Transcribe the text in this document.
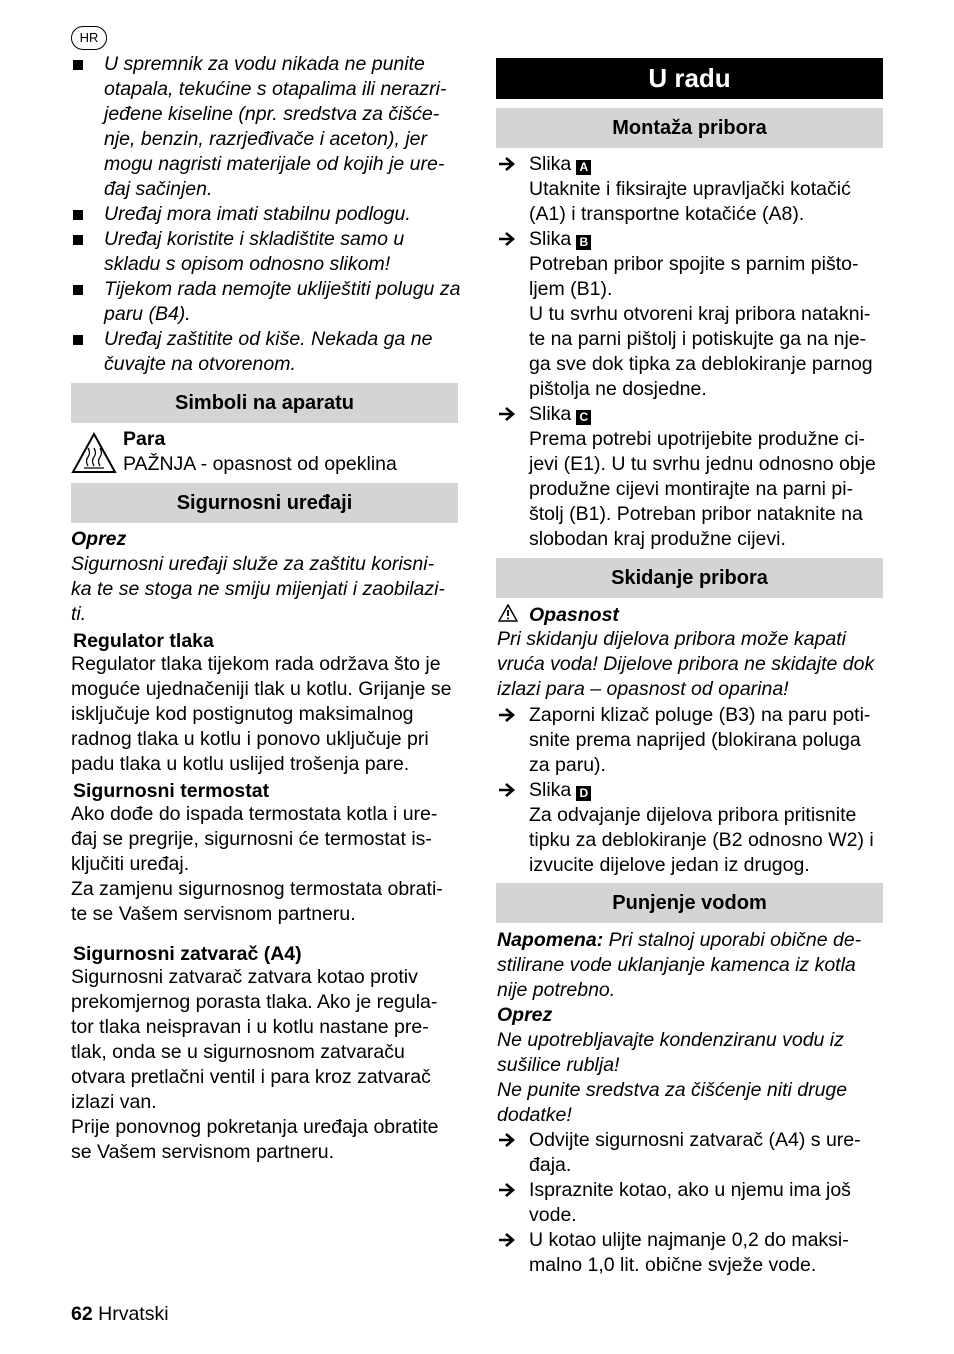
HR
U spremnik za vodu nikada ne punite otapala, tekućine s otapalima ili nerazri- jeđene kiseline (npr. sredstva za čišće- nje, benzin, razrjeđivače i aceton), jer mogu nagristi materijale od kojih je ure- đaj sačinjen.
Uređaj mora imati stabilnu podlogu.
Uređaj koristite i skladištite samo u skladu s opisom odnosno slikom!
Tijekom rada nemojte ukliještiti polugu za paru (B4).
Uređaj zaštitite od kiše. Nekada ga ne čuvajte na otvorenom.
Simboli na aparatu
Para
PAŽNJA - opasnost od opeklina
Sigurnosni uređaji
Oprez
Sigurnosni uređaji služe za zaštitu korisni- ka te se stoga ne smiju mijenjati i zaobilazi- ti.
Regulator tlaka
Regulator tlaka tijekom rada održava što je moguće ujednačeniji tlak u kotlu. Grijanje se isključuje kod postignutog maksimalnog radnog tlaka u kotlu i ponovo uključuje pri padu tlaka u kotlu uslijed trošenja pare.
Sigurnosni termostat
Ako dođe do ispada termostata kotla i ure- đaj se pregrije, sigurnosni će termostat is- ključiti uređaj.
Za zamjenu sigurnosnog termostata obrati- te se Vašem servisnom partneru.
Sigurnosni zatvarač (A4)
Sigurnosni zatvarač zatvara kotao protiv prekomjernog porasta tlaka. Ako je regula- tor tlaka neispravan i u kotlu nastane pre- tlak, onda se u sigurnosnom zatvaraču otvara pretlačni ventil i para kroz zatvarač izlazi van.
Prije ponovnog pokretanja uređaja obratite se Vašem servisnom partneru.
62 Hrvatski
U radu
Montaža pribora
Slika A
Utaknite i fiksirajte upravljački kotačić (A1) i transportne kotačiće (A8).
Slika B
Potreban pribor spojite s parnim pišto- ljem (B1).
U tu svrhu otvoreni kraj pribora natakni- te na parni pištolj i potiskujte ga na nje- ga sve dok tipka za deblokiranje parnog pištolja ne dosjedne.
Slika C
Prema potrebi upotrijebite produžne ci- jevi (E1). U tu svrhu jednu odnosno obje produžne cijevi montirajte na parni pi- štolj (B1). Potreban pribor nataknite na slobodan kraj produžne cijevi.
Skidanje pribora
Opasnost
Pri skidanju dijelova pribora može kapati vruća voda! Dijelove pribora ne skidajte dok izlazi para – opasnost od oparina!
Zaporni klizač poluge (B3) na paru poti- snite prema naprijed (blokirana poluga za paru).
Slika D
Za odvajanje dijelova pribora pritisnite tipku za deblokiranje (B2 odnosno W2) i izvucite dijelove jedan iz drugog.
Punjenje vodom
Napomena: Pri stalnoj uporabi obične de- stilirane vode uklanjanje kamenca iz kotla nije potrebno.
Oprez
Ne upotrebljavajte kondenziranu vodu iz sušilice rublja!
Ne punite sredstva za čišćenje niti druge dodatke!
Odvijte sigurnosni zatvarač (A4) s ure- đaja.
Ispraznite kotao, ako u njemu ima još vode.
U kotao ulijte najmanje 0,2 do maksi- malno 1,0 lit. obične svježe vode.
